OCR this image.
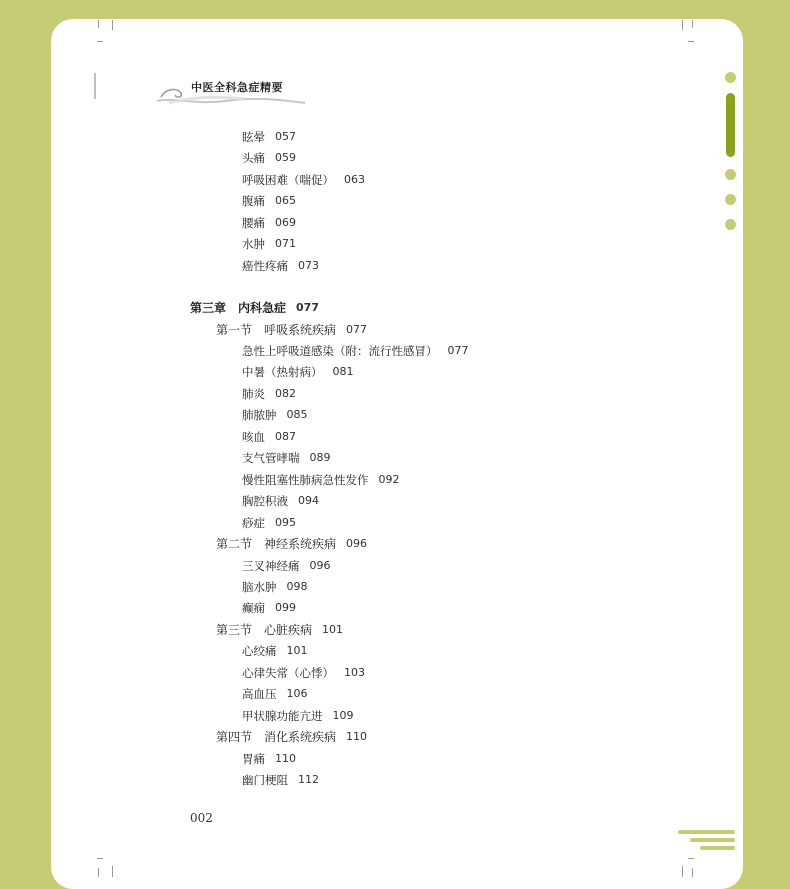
中医全科急症精要
眩晕 057
头痛 059
呼吸困难（喘促） 063
腹痛 065
腰痛 069
水肿 071
癌性疼痛 073
第三章　内科急症 077
第一节　呼吸系统疾病 077
急性上呼吸道感染（附：流行性感冒） 077
中暑（热射病） 081
肺炎 082
肺脓肿 085
咳血 087
支气管哮喘 089
慢性阻塞性肺病急性发作 092
胸腔积液 094
痧症 095
第二节　神经系统疾病 096
三叉神经痛 096
脑水肿 098
癫痫 099
第三节　心脏疾病 101
心绞痛 101
心律失常（心悸） 103
高血压 106
甲状腺功能亢进 109
第四节　消化系统疾病 110
胃痛 110
幽门梗阻 112
002
